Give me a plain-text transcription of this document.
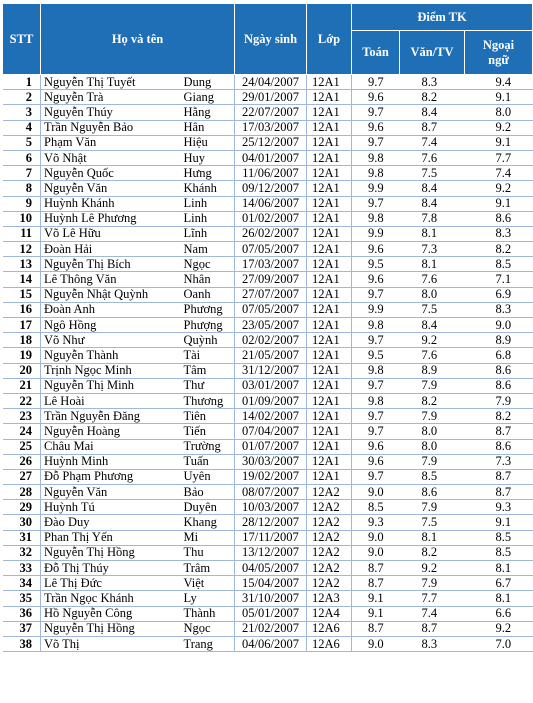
STT	Họ và tên		Ngày sinh	Lớp	Điểm TK		
					Toán	Văn/TV	Ngoại ngữ
1	Nguyễn Thị Tuyết	Dung	24/04/2007	12A1	9.7	8.3	9.4
2	Nguyễn Trà	Giang	29/01/2007	12A1	9.6	8.2	9.1
3	Nguyễn Thúy	Hằng	22/07/2007	12A1	9.7	8.4	8.0
4	Trần Nguyễn Bảo	Hân	17/03/2007	12A1	9.6	8.7	9.2
5	Phạm Văn	Hiệu	25/12/2007	12A1	9.7	7.4	9.1
6	Võ Nhật	Huy	04/01/2007	12A1	9.8	7.6	7.7
7	Nguyễn Quốc	Hưng	11/06/2007	12A1	9.8	7.5	7.4
8	Nguyễn Văn	Khánh	09/12/2007	12A1	9.9	8.4	9.2
9	Huỳnh Khánh	Linh	14/06/2007	12A1	9.7	8.4	9.1
10	Huỳnh Lê Phương	Linh	01/02/2007	12A1	9.8	7.8	8.6
11	Võ Lê Hữu	Lĩnh	26/02/2007	12A1	9.9	8.1	8.3
12	Đoàn Hải	Nam	07/05/2007	12A1	9.6	7.3	8.2
13	Nguyễn Thị Bích	Ngọc	17/03/2007	12A1	9.5	8.1	8.5
14	Lê Thông Văn	Nhân	27/09/2007	12A1	9.6	7.6	7.1
15	Nguyễn Nhật Quỳnh	Oanh	27/07/2007	12A1	9.7	8.0	6.9
16	Đoàn Anh	Phương	07/05/2007	12A1	9.9	7.5	8.3
17	Ngô Hồng	Phượng	23/05/2007	12A1	9.8	8.4	9.0
18	Võ Như	Quỳnh	02/02/2007	12A1	9.7	9.2	8.9
19	Nguyễn Thành	Tài	21/05/2007	12A1	9.5	7.6	6.8
20	Trịnh Ngọc Minh	Tâm	31/12/2007	12A1	9.8	8.9	8.6
21	Nguyễn Thị Minh	Thư	03/01/2007	12A1	9.7	7.9	8.6
22	Lê Hoài	Thương	01/09/2007	12A1	9.8	8.2	7.9
23	Trần Nguyễn Đăng	Tiên	14/02/2007	12A1	9.7	7.9	8.2
24	Nguyễn Hoàng	Tiến	07/04/2007	12A1	9.7	8.0	8.7
25	Châu Mai	Trường	01/07/2007	12A1	9.6	8.0	8.6
26	Huỳnh Minh	Tuấn	30/03/2007	12A1	9.6	7.9	7.3
27	Đỗ Phạm Phương	Uyên	19/02/2007	12A1	9.7	8.5	8.7
28	Nguyễn Văn	Bảo	08/07/2007	12A2	9.0	8.6	8.7
29	Huỳnh Tú	Duyên	10/03/2007	12A2	8.5	7.9	9.3
30	Đào Duy	Khang	28/12/2007	12A2	9.3	7.5	9.1
31	Phan Thị Yến	Mi	17/11/2007	12A2	9.0	8.1	8.5
32	Nguyễn Thị Hồng	Thu	13/12/2007	12A2	9.0	8.2	8.5
33	Đỗ Thị Thúy	Trâm	04/05/2007	12A2	8.7	9.2	8.1
34	Lê Thị Đức	Việt	15/04/2007	12A2	8.7	7.9	6.7
35	Trần Ngọc Khánh	Ly	31/10/2007	12A3	9.1	7.7	8.1
36	Hồ Nguyễn Công	Thành	05/01/2007	12A4	9.1	7.4	6.6
37	Nguyễn Thị Hồng	Ngọc	21/02/2007	12A6	8.7	8.7	9.2
38	Võ Thị	Trang	04/06/2007	12A6	9.0	8.3	7.0
